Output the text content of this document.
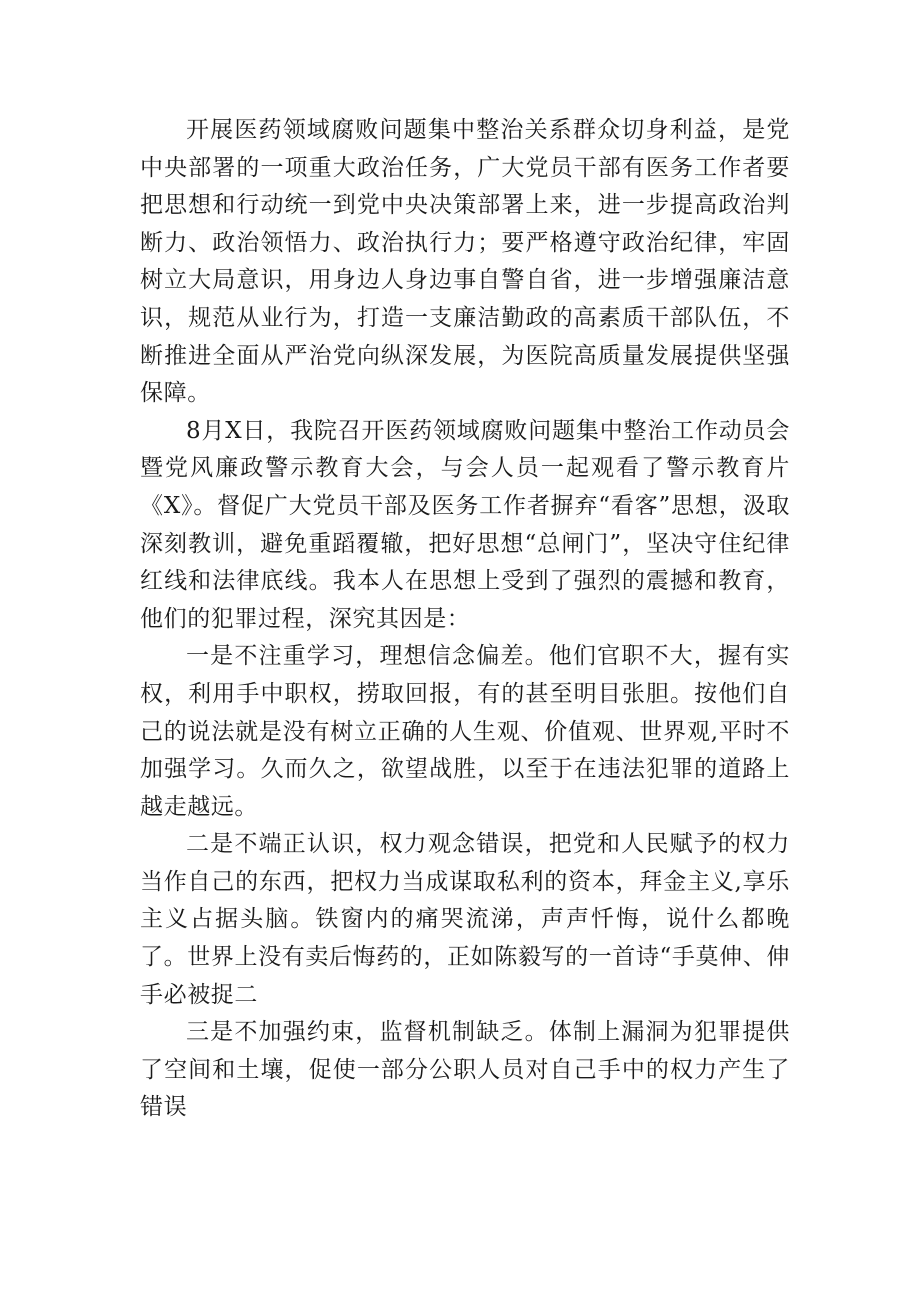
开展医药领域腐败问题集中整治关系群众切身利益，是党中央部署的一项重大政治任务，广大党员干部有医务工作者要把思想和行动统一到党中央决策部署上来，进一步提高政治判断力、政治领悟力、政治执行力；要严格遵守政治纪律，牢固树立大局意识，用身边人身边事自警自省，进一步增强廉洁意识，规范从业行为，打造一支廉洁勤政的高素质干部队伍，不断推进全面从严治党向纵深发展，为医院高质量发展提供坚强保障。

8月X日，我院召开医药领域腐败问题集中整治工作动员会暨党风廉政警示教育大会，与会人员一起观看了警示教育片《X》。督促广大党员干部及医务工作者摒弃“看客”思想，汲取深刻教训，避免重蹈覆辙，把好思想“总闸门”，坚决守住纪律红线和法律底线。我本人在思想上受到了强烈的震撼和教育，他们的犯罪过程，深究其因是：

一是不注重学习，理想信念偏差。他们官职不大，握有实权，利用手中职权，捞取回报，有的甚至明目张胆。按他们自己的说法就是没有树立正确的人生观、价值观、世界观,平时不加强学习。久而久之，欲望战胜，以至于在违法犯罪的道路上越走越远。

二是不端正认识，权力观念错误，把党和人民赋予的权力当作自己的东西，把权力当成谋取私利的资本，拜金主义,享乐主义占据头脑。铁窗内的痛哭流涕，声声忏悔，说什么都晚了。世界上没有卖后悔药的，正如陈毅写的一首诗“手莫伸、伸手必被捉二

三是不加强约束，监督机制缺乏。体制上漏洞为犯罪提供了空间和土壤，促使一部分公职人员对自己手中的权力产生了错误
